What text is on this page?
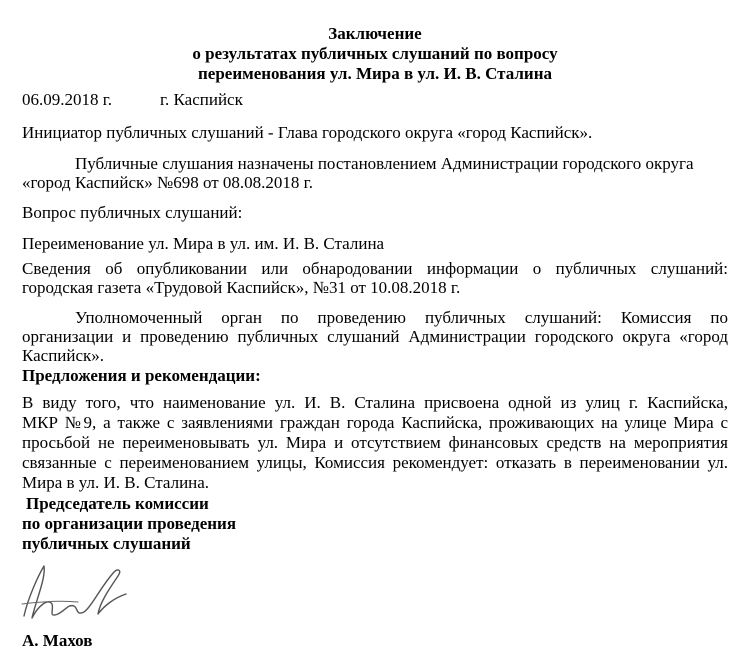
Заключение
о результатах публичных слушаний по вопросу
переименования ул. Мира в ул. И. В. Сталина
06.09.2018 г.	г. Каспийск
Инициатор публичных слушаний - Глава городского округа «город Каспийск».
Публичные слушания назначены постановлением Администрации городского округа
«город Каспийск» №698 от 08.08.2018 г.
Вопрос публичных слушаний:
Переименование ул. Мира в ул. им. И. В. Сталина
Сведения об опубликовании или обнародовании информации о публичных слушаний:
городская газета «Трудовой Каспийск», №31 от 10.08.2018 г.
Уполномоченный орган по проведению публичных слушаний: Комиссия по
организации и проведению публичных слушаний Администрации городского округа «город
Каспийск».
Предложения и рекомендации:
В виду того, что наименование ул. И. В. Сталина присвоена одной из улиц г. Каспийска,
МКР №9, а также с заявлениями граждан города Каспийска, проживающих на улице Мира с
просьбой не переименовывать ул. Мира и отсутствием финансовых средств на мероприятия
связанные с переименованием улицы, Комиссия рекомендует: отказать в переименовании ул.
Мира в ул. И. В. Сталина.
Председатель комиссии
по организации проведения
публичных слушаний
А. Махов
